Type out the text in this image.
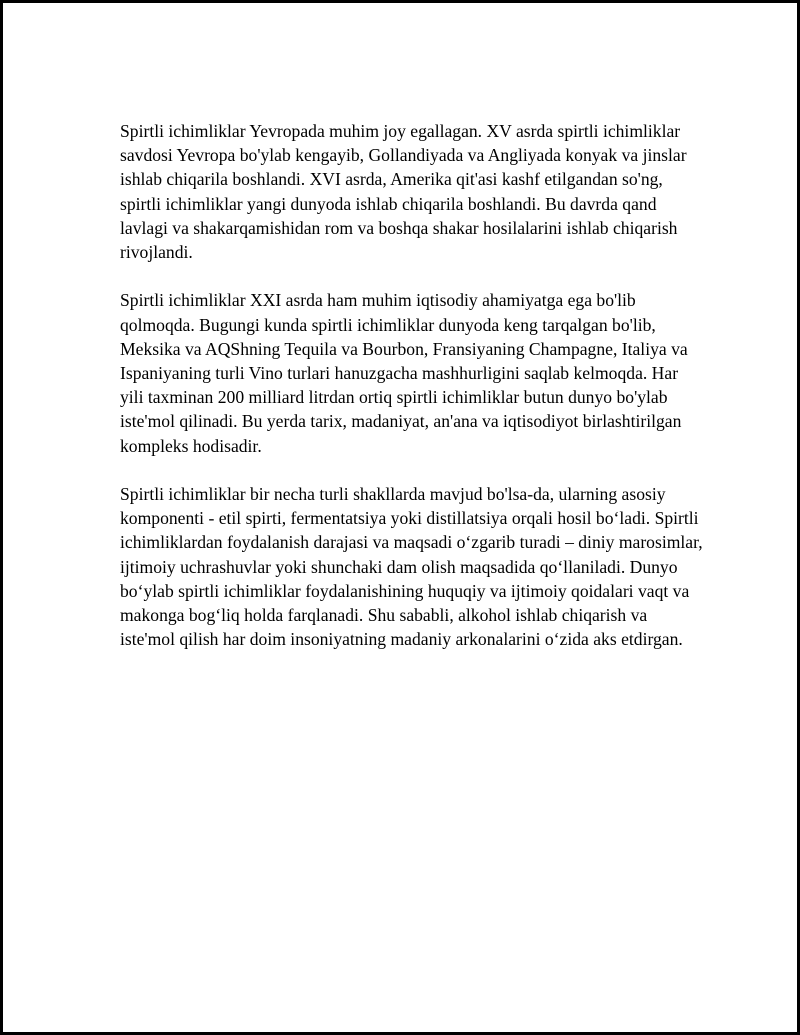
Spirtli ichimliklar Yevropada muhim joy egallagan. XV asrda spirtli ichimliklar savdosi Yevropa bo'ylab kengayib, Gollandiyada va Angliyada konyak va jinslar ishlab chiqarila boshlandi. XVI asrda, Amerika qit'asi kashf etilgandan so'ng, spirtli ichimliklar yangi dunyoda ishlab chiqarila boshlandi. Bu davrda qand lavlagi va shakarqamishidan rom va boshqa shakar hosilalarini ishlab chiqarish rivojlandi.

Spirtli ichimliklar XXI asrda ham muhim iqtisodiy ahamiyatga ega bo'lib qolmoqda. Bugungi kunda spirtli ichimliklar dunyoda keng tarqalgan bo'lib, Meksika va AQShning Tequila va Bourbon, Fransiyaning Champagne, Italiya va Ispaniyaning turli Vino turlari hanuzgacha mashhurligini saqlab kelmoqda. Har yili taxminan 200 milliard litrdan ortiq spirtli ichimliklar butun dunyo bo'ylab iste'mol qilinadi. Bu yerda tarix, madaniyat, an'ana va iqtisodiyot birlashtirilgan kompleks hodisadir.

Spirtli ichimliklar bir necha turli shakllarda mavjud bo'lsa-da, ularning asosiy komponenti - etil spirti, fermentatsiya yoki distillatsiya orqali hosil bo‘ladi. Spirtli ichimliklardan foydalanish darajasi va maqsadi o‘zgarib turadi – diniy marosimlar, ijtimoiy uchrashuvlar yoki shunchaki dam olish maqsadida qo‘llaniladi. Dunyo bo‘ylab spirtli ichimliklar foydalanishining huquqiy va ijtimoiy qoidalari vaqt va makonga bog‘liq holda farqlanadi. Shu sababli, alkohol ishlab chiqarish va iste'mol qilish har doim insoniyatning madaniy arkonalarini o‘zida aks etdirgan.
